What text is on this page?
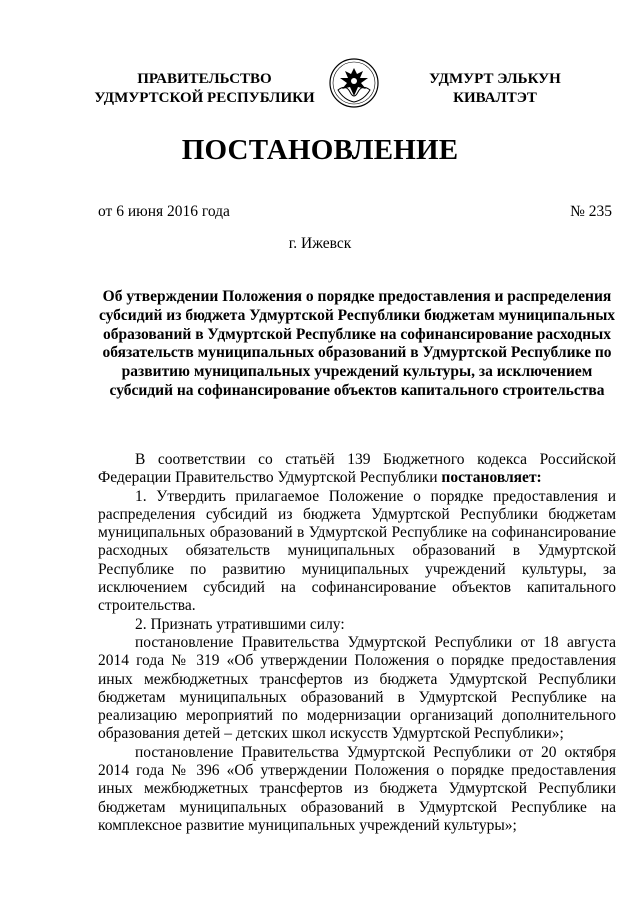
ПРАВИТЕЛЬСТВО
УДМУРТСКОЙ РЕСПУБЛИКИ
УДМУРТ ЭЛЬКУН
КИВАЛТЭТ
ПОСТАНОВЛЕНИЕ
от 6 июня 2016 года	№ 235
г. Ижевск
Об утверждении Положения о порядке предоставления и распределения субсидий из бюджета Удмуртской Республики бюджетам муниципальных образований в Удмуртской Республике на софинансирование расходных обязательств муниципальных образований в Удмуртской Республике по развитию муниципальных учреждений культуры, за исключением субсидий на софинансирование объектов капитального строительства

В соответствии со статьёй 139 Бюджетного кодекса Российской Федерации Правительство Удмуртской Республики постановляет:

1. Утвердить прилагаемое Положение о порядке предоставления и распределения субсидий из бюджета Удмуртской Республики бюджетам муниципальных образований в Удмуртской Республике на софинансирование расходных обязательств муниципальных образований в Удмуртской Республике по развитию муниципальных учреждений культуры, за исключением субсидий на софинансирование объектов капитального строительства.

2. Признать утратившими силу:

постановление Правительства Удмуртской Республики от 18 августа 2014 года № 319 «Об утверждении Положения о порядке предоставления иных межбюджетных трансфертов из бюджета Удмуртской Республики бюджетам муниципальных образований в Удмуртской Республике на реализацию мероприятий по модернизации организаций дополнительного образования детей – детских школ искусств Удмуртской Республики»;

постановление Правительства Удмуртской Республики от 20 октября 2014 года № 396 «Об утверждении Положения о порядке предоставления иных межбюджетных трансфертов из бюджета Удмуртской Республики бюджетам муниципальных образований в Удмуртской Республике на комплексное развитие муниципальных учреждений культуры»;
